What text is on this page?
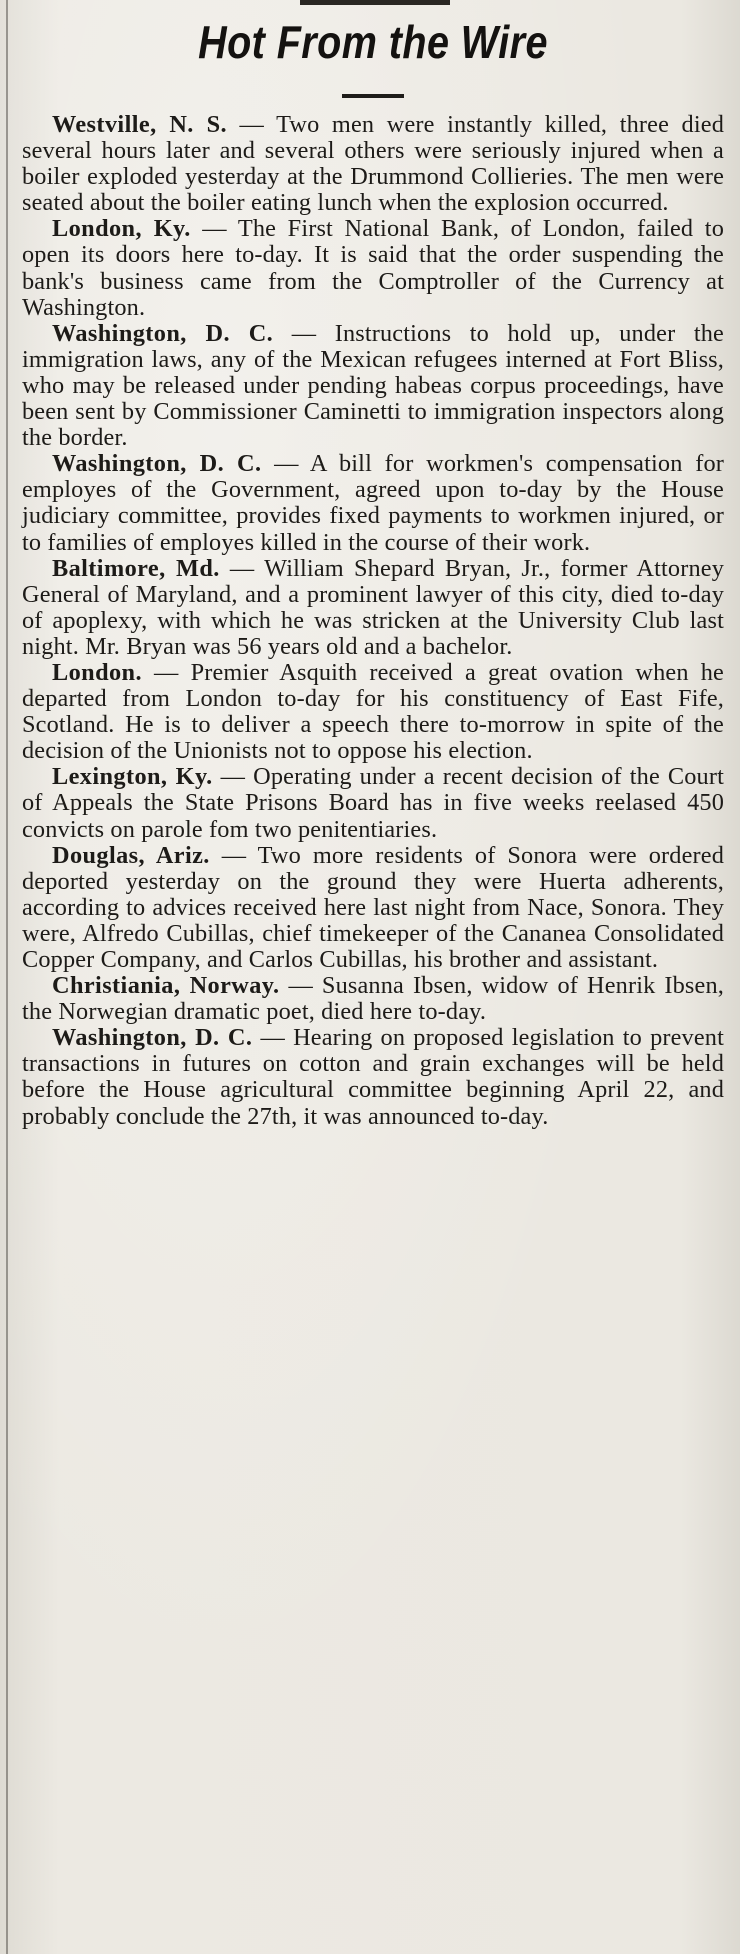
Hot From the Wire

Westville, N. S. — Two men were instantly killed, three died several hours later and several others were seriously injured when a boiler exploded yesterday at the Drummond Collieries. The men were seated about the boiler eating lunch when the explosion occurred.

London, Ky. — The First National Bank, of London, failed to open its doors here to-day. It is said that the order suspending the bank's business came from the Comptroller of the Currency at Washington.

Washington, D. C. — Instructions to hold up, under the immigration laws, any of the Mexican refugees interned at Fort Bliss, who may be released under pending habeas corpus proceedings, have been sent by Commissioner Caminetti to immigration inspectors along the border.

Washington, D. C. — A bill for workmen's compensation for employes of the Government, agreed upon to-day by the House judiciary committee, provides fixed payments to workmen injured, or to families of employes killed in the course of their work.

Baltimore, Md. — William Shepard Bryan, Jr., former Attorney General of Maryland, and a prominent lawyer of this city, died to-day of apoplexy, with which he was stricken at the University Club last night. Mr. Bryan was 56 years old and a bachelor.

London. — Premier Asquith received a great ovation when he departed from London to-day for his constituency of East Fife, Scotland. He is to deliver a speech there to-morrow in spite of the decision of the Unionists not to oppose his election.

Lexington, Ky. — Operating under a recent decision of the Court of Appeals the State Prisons Board has in five weeks reelased 450 convicts on parole fom two penitentiaries.

Douglas, Ariz. — Two more residents of Sonora were ordered deported yesterday on the ground they were Huerta adherents, according to advices received here last night from Nace, Sonora. They were, Alfredo Cubillas, chief timekeeper of the Cananea Consolidated Copper Company, and Carlos Cubillas, his brother and assistant.

Christiania, Norway. — Susanna Ibsen, widow of Henrik Ibsen, the Norwegian dramatic poet, died here to-day.

Washington, D. C. — Hearing on proposed legislation to prevent transactions in futures on cotton and grain exchanges will be held before the House agricultural committee beginning April 22, and probably conclude the 27th, it was announced to-day.
